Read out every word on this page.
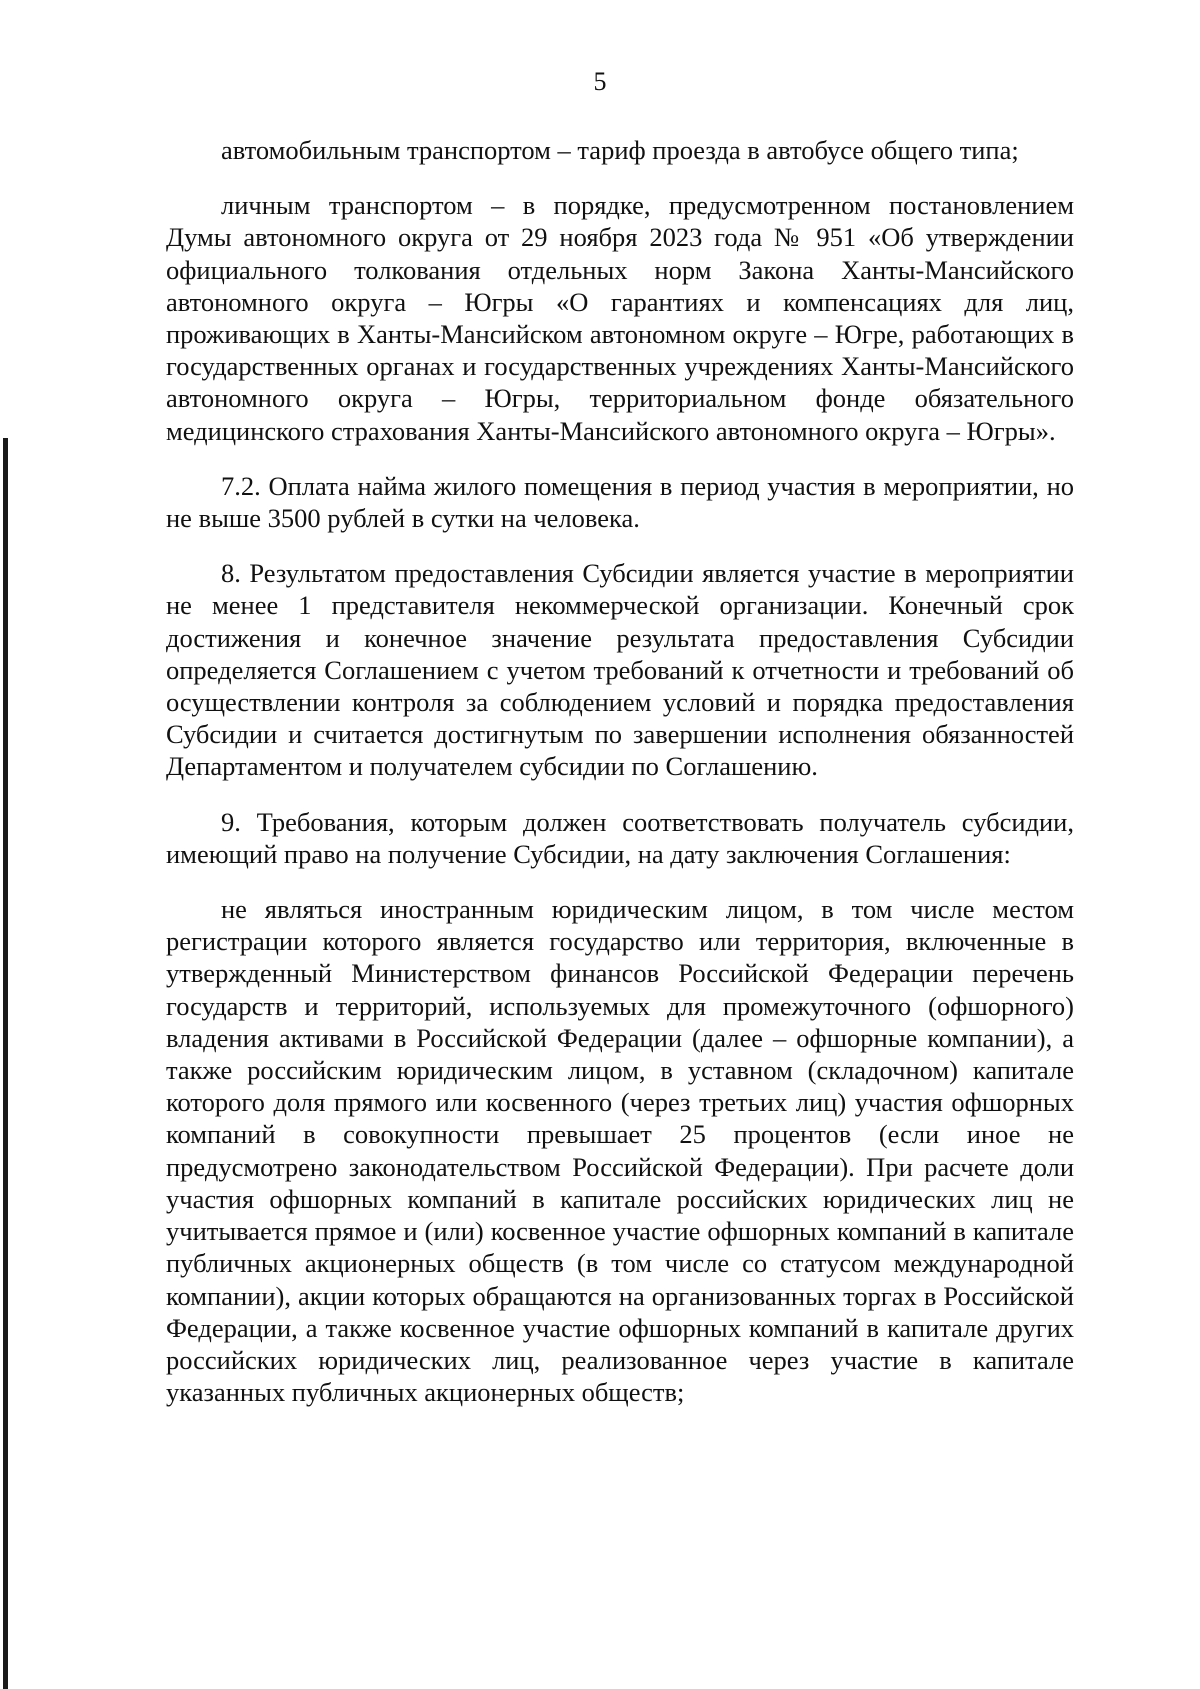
5

автомобильным транспортом – тариф проезда в автобусе общего типа;

личным транспортом – в порядке, предусмотренном постановлением Думы автономного округа от 29 ноября 2023 года № 951 «Об утверждении официального толкования отдельных норм Закона Ханты-Мансийского автономного округа – Югры «О гарантиях и компенсациях для лиц, проживающих в Ханты-Мансийском автономном округе – Югре, работающих в государственных органах и государственных учреждениях Ханты-Мансийского автономного округа – Югры, территориальном фонде обязательного медицинского страхования Ханты-Мансийского автономного округа – Югры».

7.2. Оплата найма жилого помещения в период участия в мероприятии, но не выше 3500 рублей в сутки на человека.

8. Результатом предоставления Субсидии является участие в мероприятии не менее 1 представителя некоммерческой организации. Конечный срок достижения и конечное значение результата предоставления Субсидии определяется Соглашением с учетом требований к отчетности и требований об осуществлении контроля за соблюдением условий и порядка предоставления Субсидии и считается достигнутым по завершении исполнения обязанностей Департаментом и получателем субсидии по Соглашению.

9. Требования, которым должен соответствовать получатель субсидии, имеющий право на получение Субсидии, на дату заключения Соглашения:

не являться иностранным юридическим лицом, в том числе местом регистрации которого является государство или территория, включенные в утвержденный Министерством финансов Российской Федерации перечень государств и территорий, используемых для промежуточного (офшорного) владения активами в Российской Федерации (далее – офшорные компании), а также российским юридическим лицом, в уставном (складочном) капитале которого доля прямого или косвенного (через третьих лиц) участия офшорных компаний в совокупности превышает 25 процентов (если иное не предусмотрено законодательством Российской Федерации). При расчете доли участия офшорных компаний в капитале российских юридических лиц не учитывается прямое и (или) косвенное участие офшорных компаний в капитале публичных акционерных обществ (в том числе со статусом международной компании), акции которых обращаются на организованных торгах в Российской Федерации, а также косвенное участие офшорных компаний в капитале других российских юридических лиц, реализованное через участие в капитале указанных публичных акционерных обществ;
